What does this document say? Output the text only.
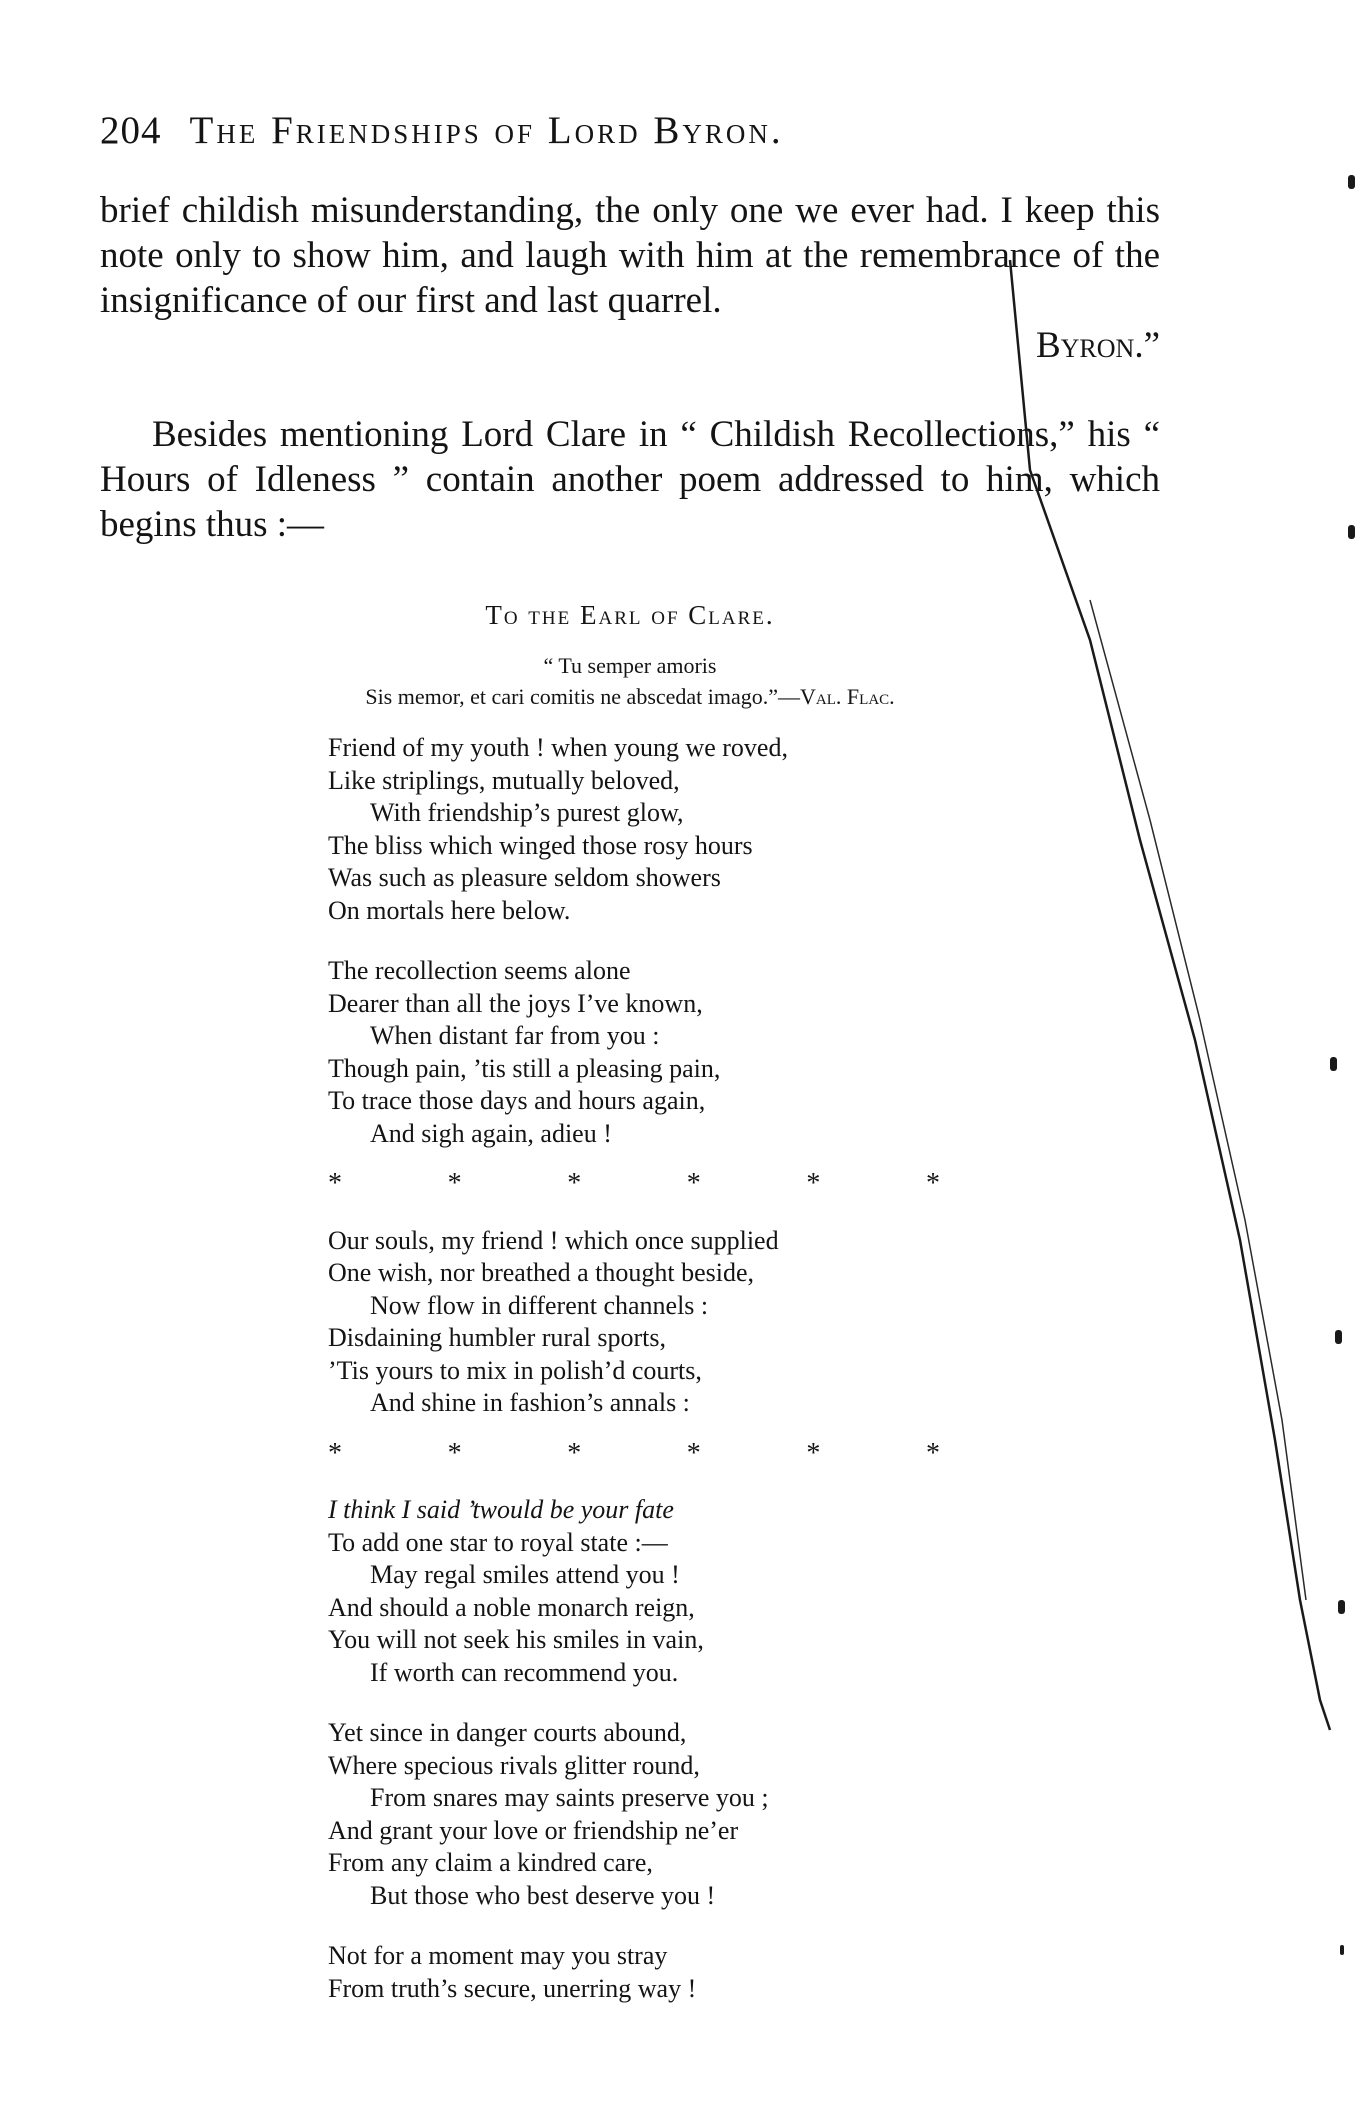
204 The Friendships of Lord Byron.

brief childish misunderstanding, the only one we ever had. I keep this note only to show him, and laugh with him at the remembrance of the insignificance of our first and last quarrel.

Byron.”

Besides mentioning Lord Clare in “ Childish Recollections,” his “ Hours of Idleness ” contain another poem addressed to him, which begins thus :—

To the Earl of Clare.
“ Tu semper amoris
Sis memor, et cari comitis ne abscedat imago.”—Val. Flac.
Friend of my youth ! when young we roved,
Like striplings, mutually beloved,
With friendship’s purest glow,
The bliss which winged those rosy hours
Was such as pleasure seldom showers
On mortals here below.
The recollection seems alone
Dearer than all the joys I’ve known,
When distant far from you :
Though pain, ’tis still a pleasing pain,
To trace those days and hours again,
And sigh again, adieu !
*	*	*	*	*	*
Our souls, my friend ! which once supplied
One wish, nor breathed a thought beside,
Now flow in different channels :
Disdaining humbler rural sports,
’Tis yours to mix in polish’d courts,
And shine in fashion’s annals :
*	*	*	*	*	*
I think I said ’twould be your fate
To add one star to royal state :—
May regal smiles attend you !
And should a noble monarch reign,
You will not seek his smiles in vain,
If worth can recommend you.
Yet since in danger courts abound,
Where specious rivals glitter round,
From snares may saints preserve you ;
And grant your love or friendship ne’er
From any claim a kindred care,
But those who best deserve you !
Not for a moment may you stray
From truth’s secure, unerring way !
